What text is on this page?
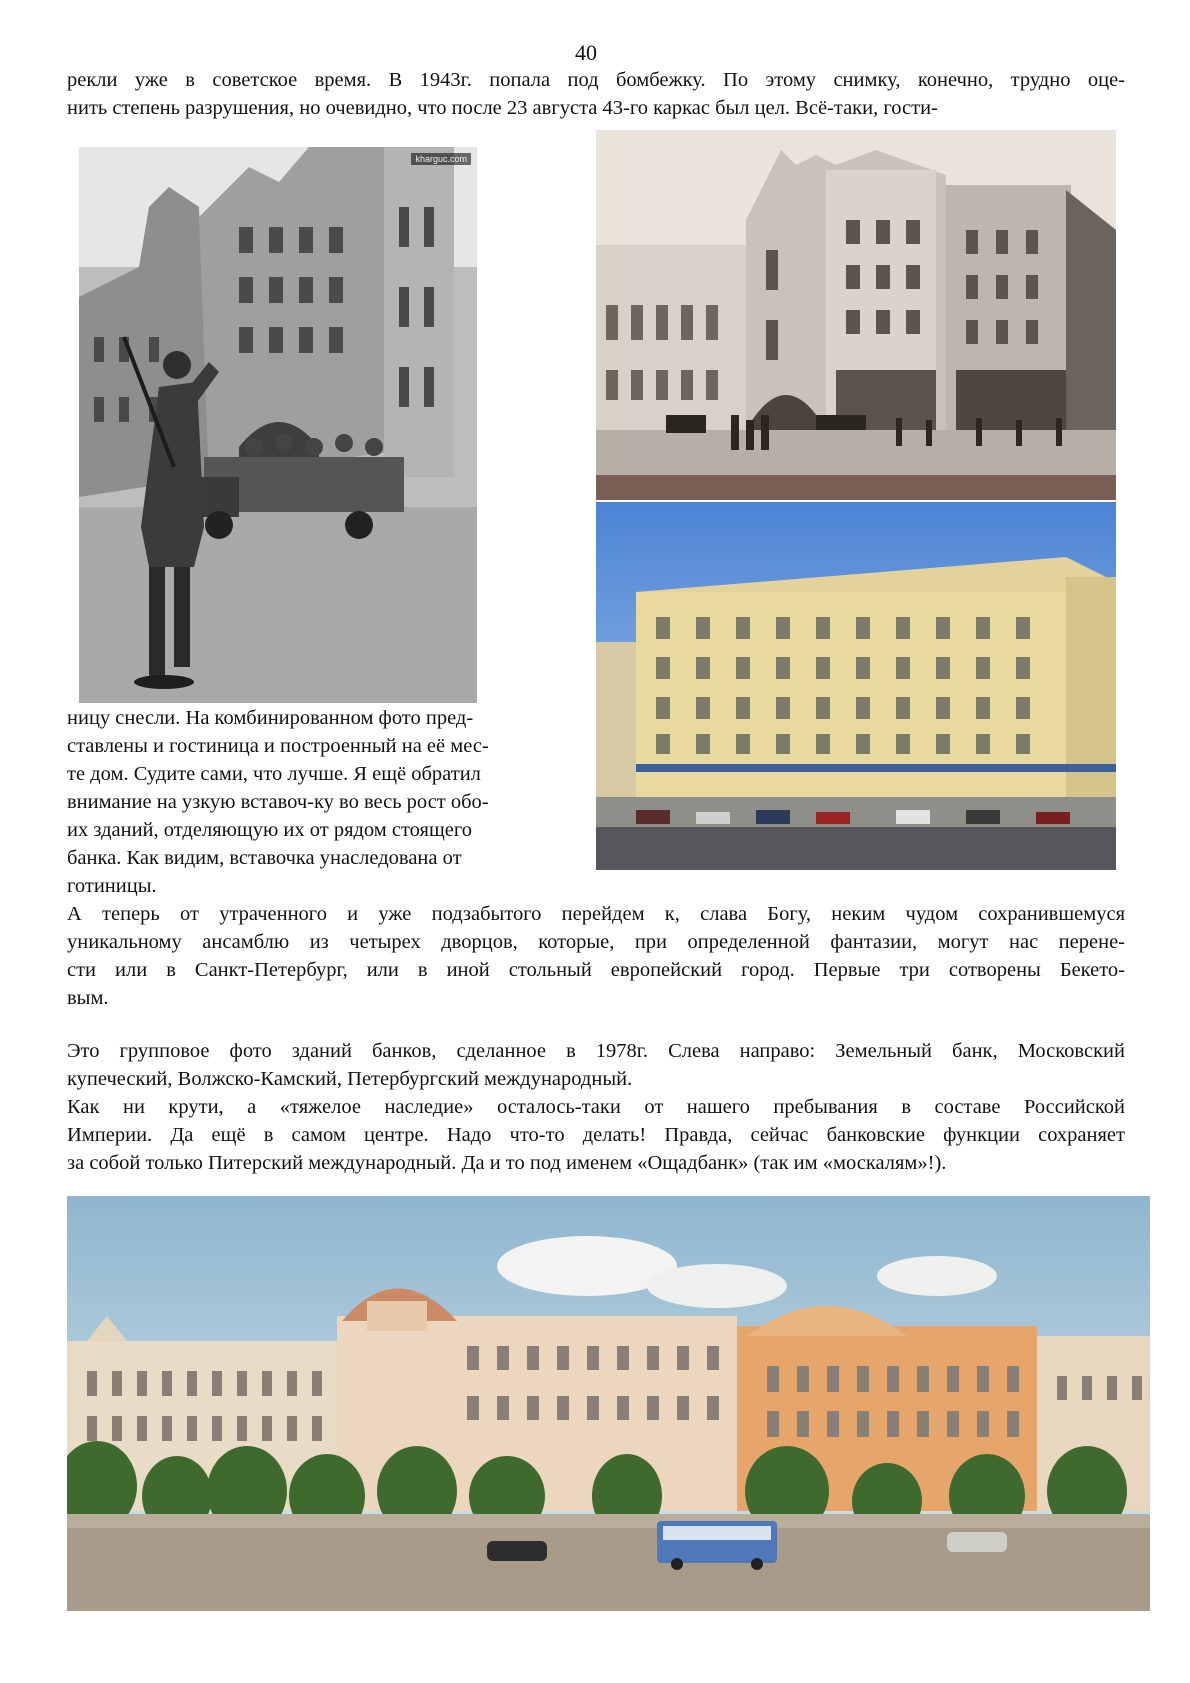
40
рекли уже в советское время. В 1943г. попала под бомбежку. По этому снимку, конечно, трудно оце-
нить степень разрушения, но очевидно, что после 23 августа 43-го каркас был цел. Всё-таки, гости-
kharguc.com
ницу снесли. На комбинированном фото пред-
ставлены и гостиница и построенный на её мес-
те дом. Судите сами, что лучше. Я ещё обратил
внимание на узкую вставоч-ку во весь рост обо-
их зданий, отделяющую их от рядом стоящего
банка. Как видим, вставочка унаследована от
готиницы.
А теперь от утраченного и уже подзабытого перейдем к, слава Богу, неким чудом сохранившемуся
уникальному ансамблю из четырех дворцов, которые, при определенной фантазии, могут нас перене-
сти или в Санкт-Петербург, или в иной стольный европейский город. Первые три сотворены Бекето-
вым.
Это групповое фото зданий банков, сделанное в 1978г. Слева направо: Земельный банк, Московский
купеческий, Волжско-Камский, Петербургский международный.
Как ни крути, а «тяжелое наследие» осталось-таки от нашего пребывания в составе Российской
Империи. Да ещё в самом центре. Надо что-то делать! Правда, сейчас банковские функции сохраняет
за собой только Питерский международный. Да и то под именем «Ощадбанк» (так им «москалям»!).
